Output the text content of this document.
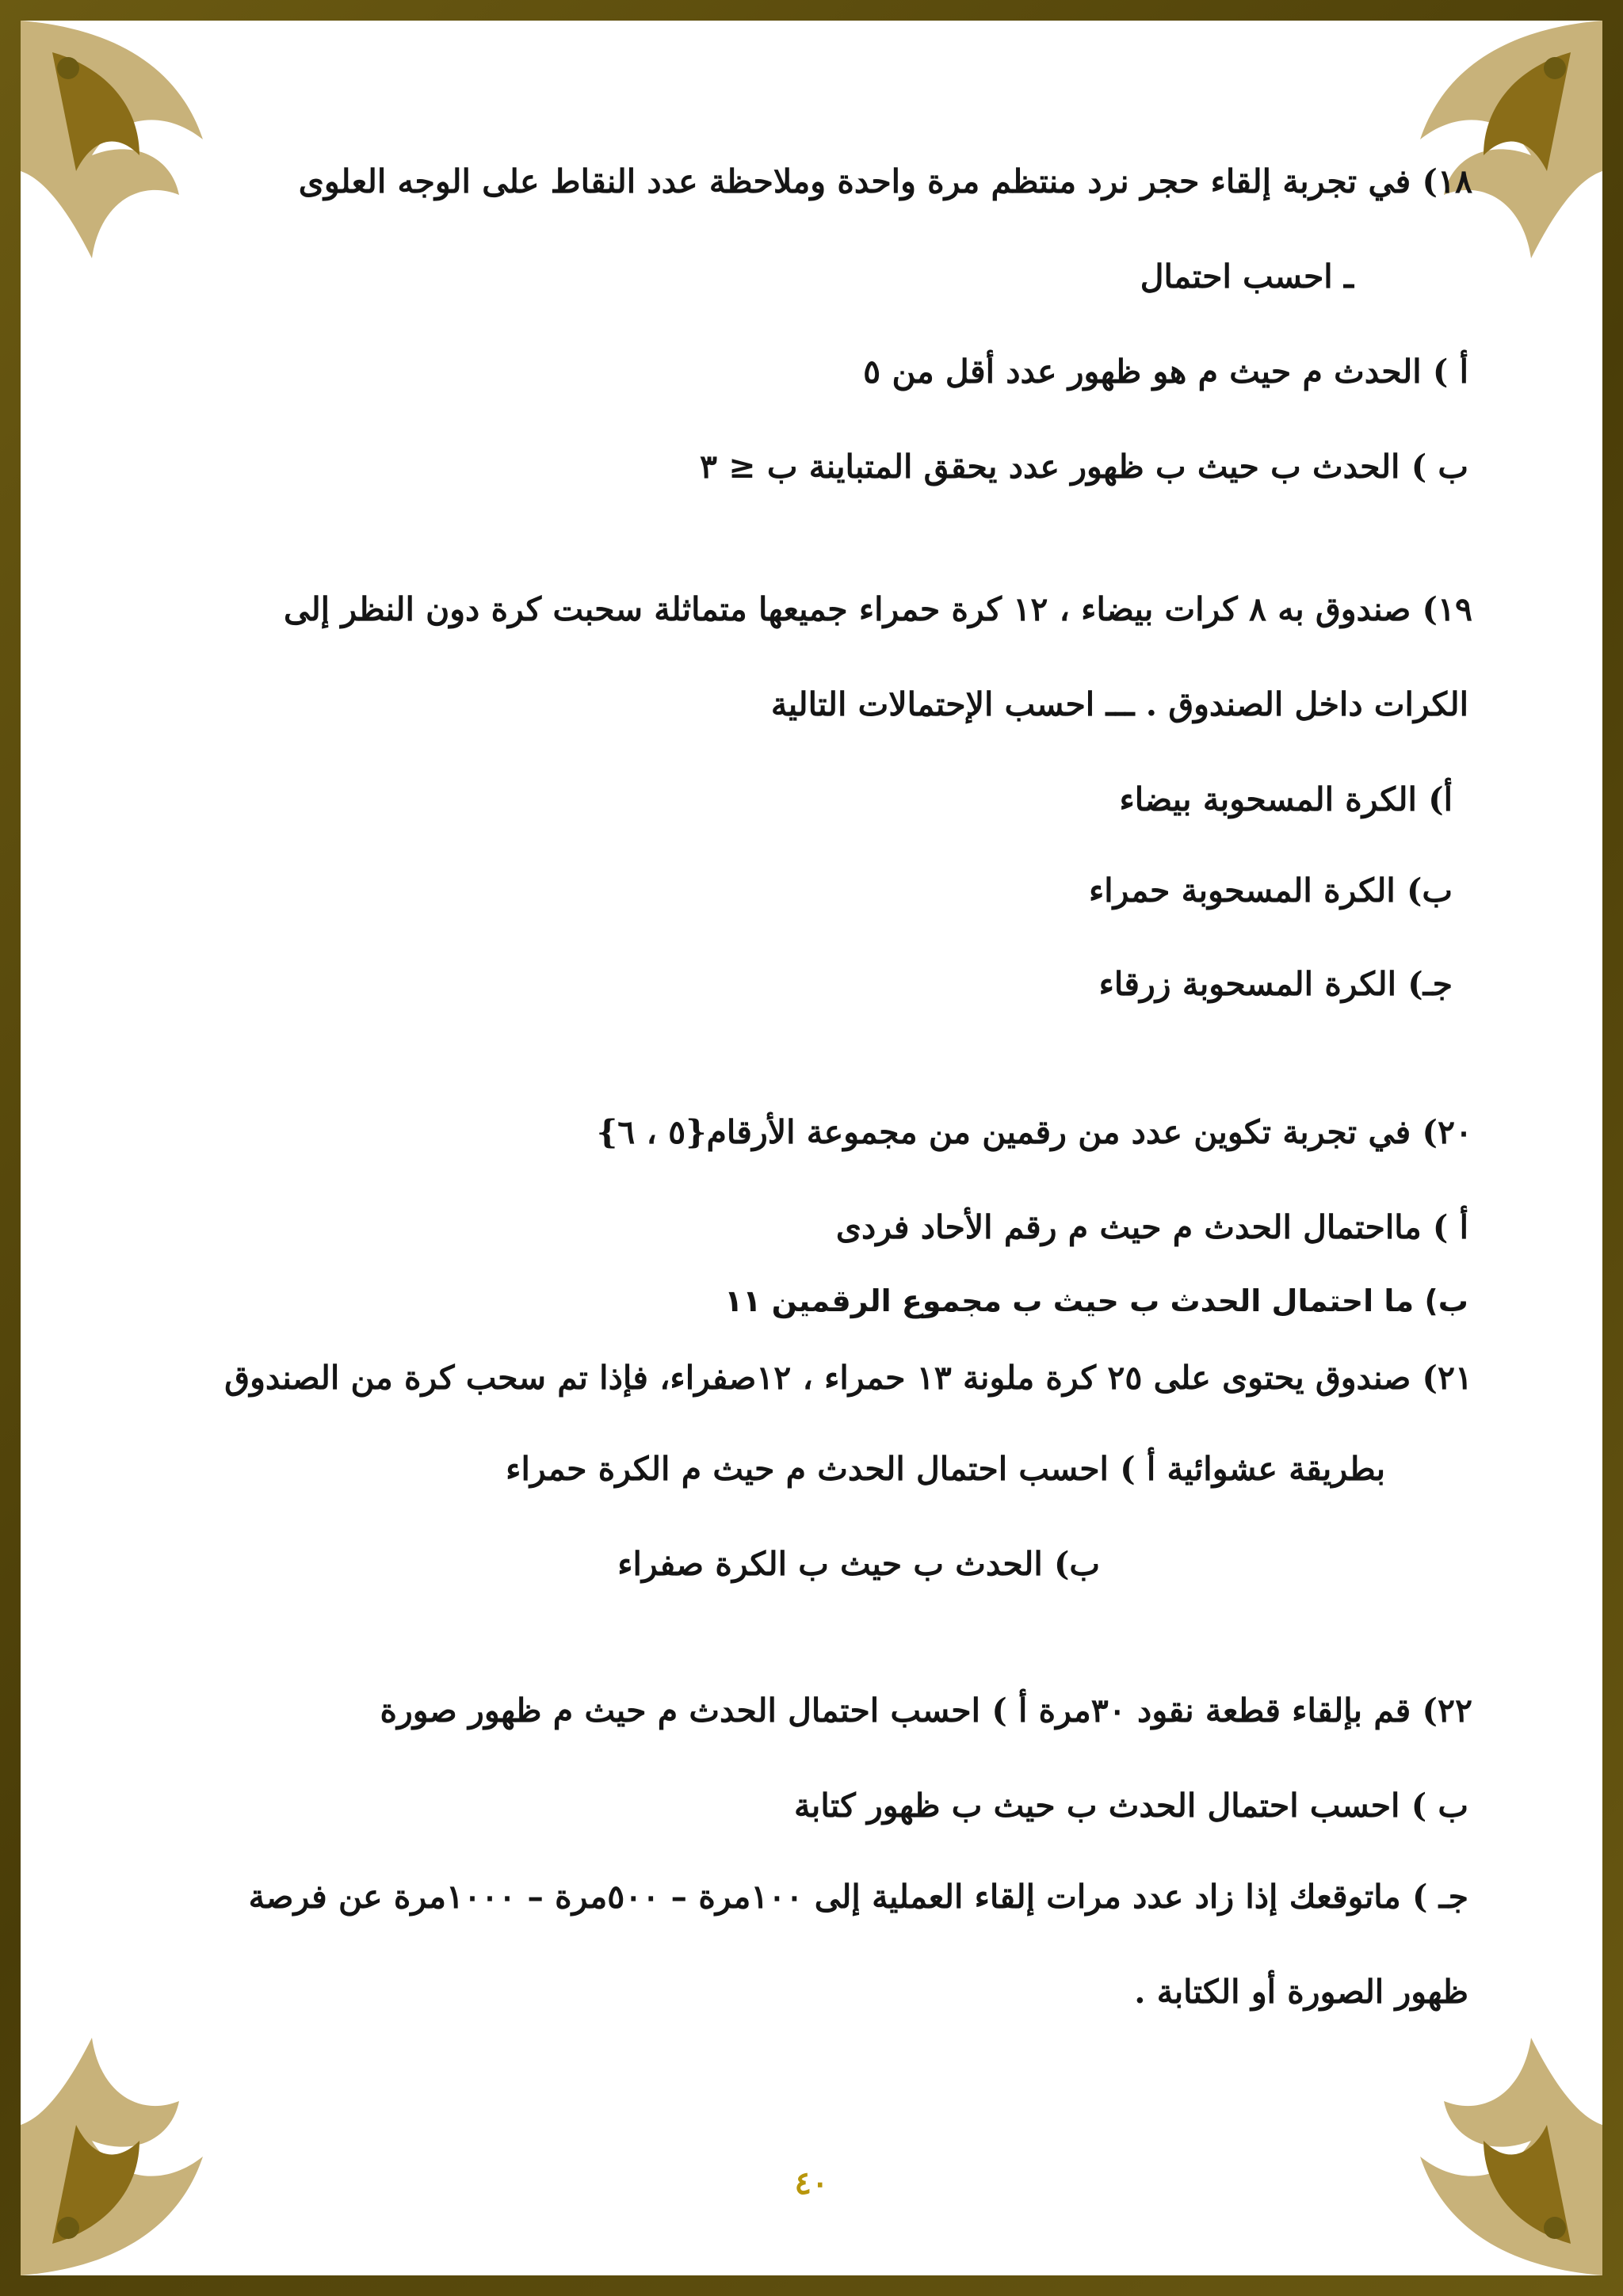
١٨) في تجربة إلقاء حجر نرد منتظم مرة واحدة وملاحظة عدد النقاط على الوجه العلوى
ـ احسب احتمال
أ ) الحدث م حيث م هو ظهور عدد أقل من ٥
ب ) الحدث ب حيث ب ظهور عدد يحقق المتباينة ب ≤ ٣
١٩) صندوق به ٨ كرات بيضاء ، ١٢ كرة حمراء جميعها متماثلة سحبت كرة دون النظر إلى
الكرات داخل الصندوق . ـــ احسب الإحتمالات التالية
أ) الكرة المسحوبة بيضاء
ب) الكرة المسحوبة حمراء
جـ) الكرة المسحوبة زرقاء
٢٠) في تجربة تكوين عدد من رقمين من مجموعة الأرقام{٥ ، ٦}
أ ) مااحتمال الحدث م حيث م رقم الأحاد فردى
ب) ما احتمال الحدث ب حيث ب مجموع الرقمين ١١
٢١) صندوق يحتوى على ٢٥ كرة ملونة ١٣ حمراء ، ١٢صفراء، فإذا تم سحب كرة من الصندوق
بطريقة عشوائية أ ) احسب احتمال الحدث م حيث م الكرة حمراء
ب) الحدث ب حيث ب الكرة صفراء
٢٢) قم بإلقاء قطعة نقود ٣٠مرة أ ) احسب احتمال الحدث م حيث م ظهور صورة
ب ) احسب احتمال الحدث ب حيث ب ظهور كتابة
جـ ) ماتوقعك إذا زاد عدد مرات إلقاء العملية إلى ١٠٠مرة – ٥٠٠مرة – ١٠٠٠مرة عن فرصة
ظهور الصورة أو الكتابة .
٤٠
